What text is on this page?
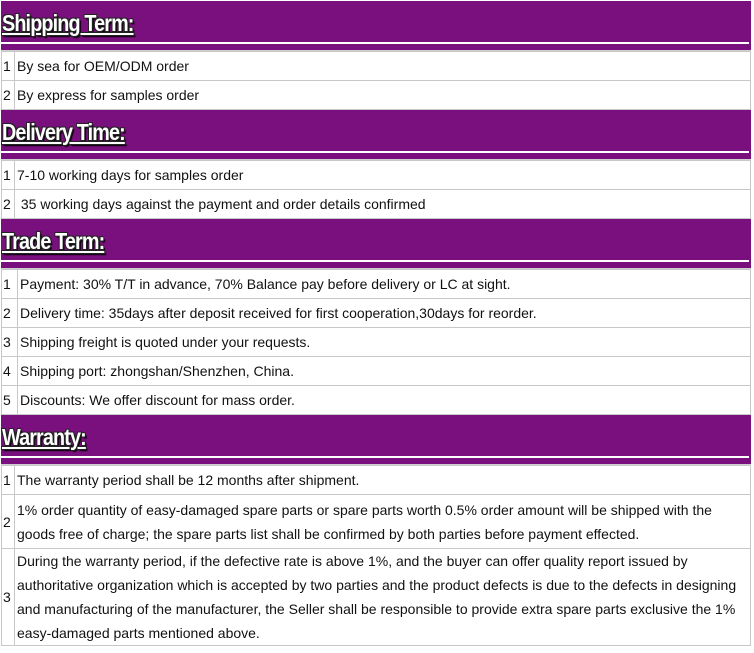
Shipping Term:
1	By sea for OEM/ODM order
2	By express for samples order
Delivery Time:
1	7-10 working days for samples order
2	35 working days against the payment and order details confirmed
Trade Term:
1	Payment: 30% T/T in advance, 70% Balance pay before delivery or LC at sight.
2	Delivery time: 35days after deposit received for first cooperation,30days for reorder.
3	Shipping freight is quoted under your requests.
4	Shipping port: zhongshan/Shenzhen, China.
5	Discounts: We offer discount for mass order.
Warranty:
1	The warranty period shall be 12 months after shipment.
2	1% order quantity of easy-damaged spare parts or spare parts worth 0.5% order amount will be shipped with the goods free of charge; the spare parts list shall be confirmed by both parties before payment effected.
3	During the warranty period, if the defective rate is above 1%, and the buyer can offer quality report issued by authoritative organization which is accepted by two parties and the product defects is due to the defects in designing and manufacturing of the manufacturer, the Seller shall be responsible to provide extra spare parts exclusive the 1% easy-damaged parts mentioned above.
